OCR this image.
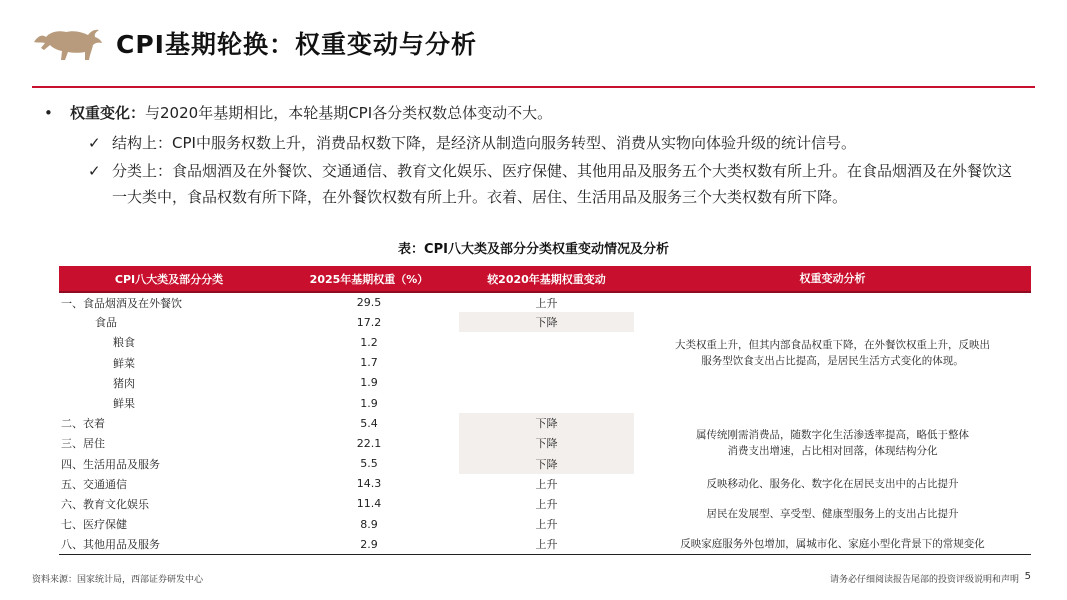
CPI基期轮换：权重变动与分析
• 权重变化：与2020年基期相比，本轮基期CPI各分类权数总体变动不大。
✓ 结构上：CPI中服务权数上升，消费品权数下降，是经济从制造向服务转型、消费从实物向体验升级的统计信号。
✓ 分类上：食品烟酒及在外餐饮、交通通信、教育文化娱乐、医疗保健、其他用品及服务五个大类权数有所上升。在食品烟酒及在外餐饮这一大类中，食品权数有所下降，在外餐饮权数有所上升。衣着、居住、生活用品及服务三个大类权数有所下降。
表：CPI八大类及部分分类权重变动情况及分析
CPI八大类及部分分类	2025年基期权重（%）	较2020年基期权重变动	权重变动分析
一、食品烟酒及在外餐饮	29.5	上升	大类权重上升，但其内部食品权重下降，在外餐饮权重上升，反映出服务型饮食支出占比提高，是居民生活方式变化的体现。
食品	17.2	下降	
粮食	1.2		
鲜菜	1.7		
猪肉	1.9		
鲜果	1.9		
二、衣着	5.4	下降	属传统刚需消费品，随数字化生活渗透率提高，略低于整体消费支出增速，占比相对回落，体现结构分化
三、居住	22.1	下降	
四、生活用品及服务	5.5	下降	
五、交通通信	14.3	上升	反映移动化、服务化、数字化在居民支出中的占比提升
六、教育文化娱乐	11.4	上升	居民在发展型、享受型、健康型服务上的支出占比提升
七、医疗保健	8.9	上升	
八、其他用品及服务	2.9	上升	反映家庭服务外包增加，属城市化、家庭小型化背景下的常规变化
资料来源：国家统计局，西部证券研发中心	请务必仔细阅读报告尾部的投资评级说明和声明 5
